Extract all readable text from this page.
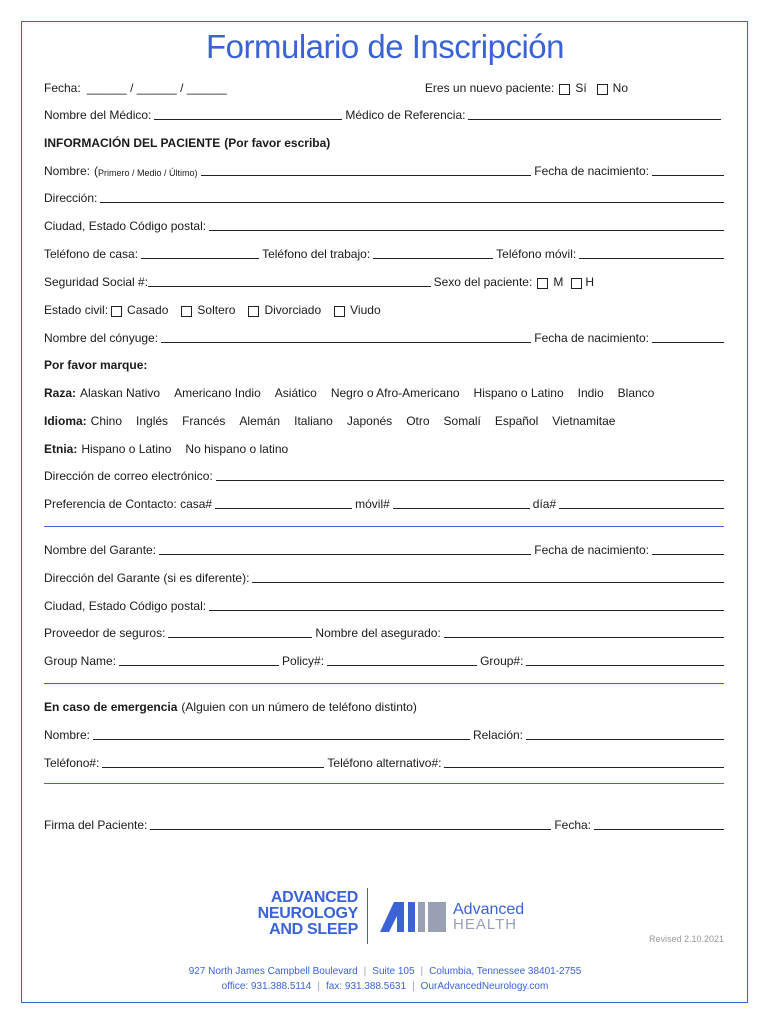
Formulario de Inscripción
Fecha: ______ / ______ / ______	Eres un nuevo paciente: Sí No
Nombre del Médico:	Médico de Referencia:
INFORMACIÓN DEL PACIENTE (Por favor escriba)
Nombre: ( Primero / Medio / Último)	Fecha de nacimiento:
Dirección:
Ciudad, Estado Código postal:
Teléfono de casa:	Teléfono del trabajo:	Teléfono móvil:
Seguridad Social #:	Sexo del paciente: M H
Estado civil: Casado Soltero Divorciado Viudo
Nombre del cónyuge:	Fecha de nacimiento:
Por favor marque:
Raza: Alaskan Nativo Americano Indio Asiático Negro o Afro-Americano Hispano o Latino Indio Blanco
Idioma: Chino Inglés Francés Alemán Italiano Japonés Otro Somalí Español Vietnamitae
Etnia: Hispano o Latino No hispano o latino
Dirección de correo electrónico:
Preferencia de Contacto: casa#	móvil#	día#
Nombre del Garante:	Fecha de nacimiento:
Dirección del Garante (si es diferente):
Ciudad, Estado Código postal:
Proveedor de seguros:	Nombre del asegurado:
Group Name:	Policy#:	Group#:
En caso de emergencia (Alguien con un número de teléfono distinto)
Nombre:	Relación:
Teléfono#:	Teléfono alternativo#:
Firma del Paciente:	Fecha:
ADVANCED
NEUROLOGY
AND SLEEP
Advanced
HEALTH
Revised 2.10.2021
927 North James Campbell Boulevard | Suite 105 | Columbia, Tennessee 38401-2755
office: 931.388.5114 | fax: 931.388.5631 | OurAdvancedNeurology.com
